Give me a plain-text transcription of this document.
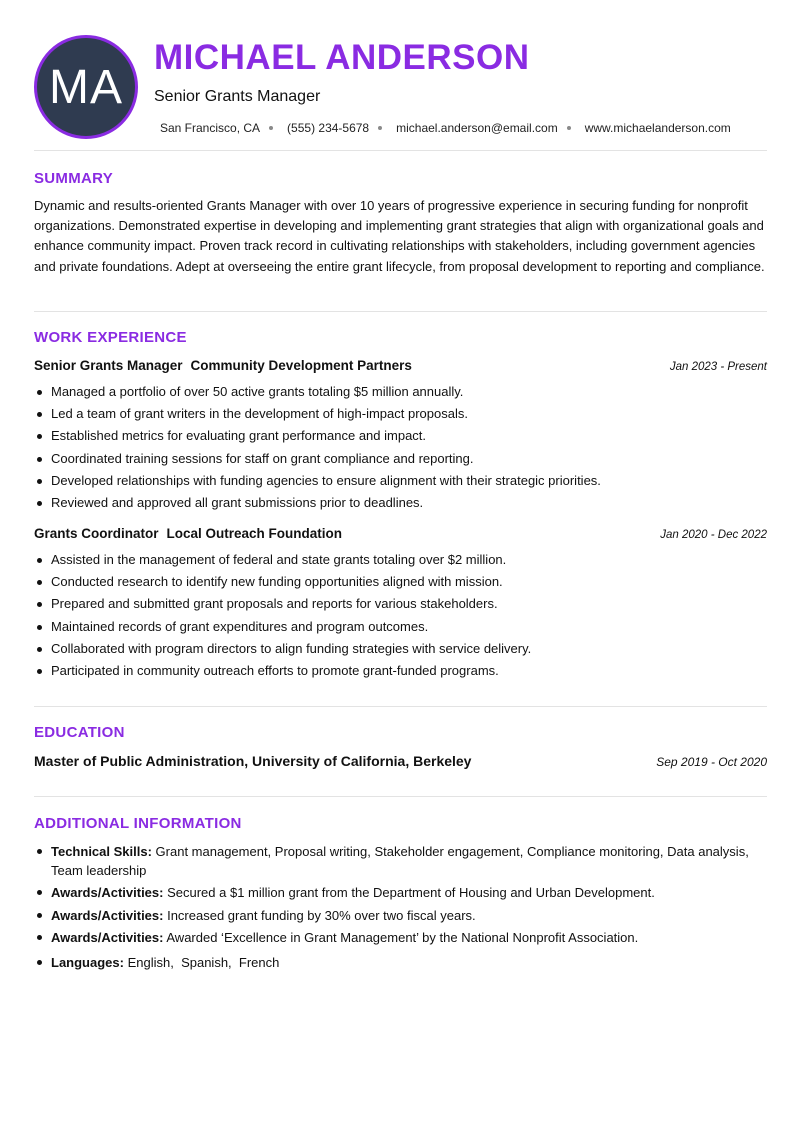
MA
MICHAEL ANDERSON
Senior Grants Manager
San Francisco, CA (555) 234-5678 michael.anderson@email.com www.michaelanderson.com
SUMMARY
Dynamic and results-oriented Grants Manager with over 10 years of progressive experience in securing funding for nonprofit organizations. Demonstrated expertise in developing and implementing grant strategies that align with organizational goals and enhance community impact. Proven track record in cultivating relationships with stakeholders, including government agencies and private foundations. Adept at overseeing the entire grant lifecycle, from proposal development to reporting and compliance.
WORK EXPERIENCE
Senior Grants Manager Community Development Partners	Jan 2023 - Present
Managed a portfolio of over 50 active grants totaling $5 million annually.
Led a team of grant writers in the development of high-impact proposals.
Established metrics for evaluating grant performance and impact.
Coordinated training sessions for staff on grant compliance and reporting.
Developed relationships with funding agencies to ensure alignment with their strategic priorities.
Reviewed and approved all grant submissions prior to deadlines.
Grants Coordinator Local Outreach Foundation	Jan 2020 - Dec 2022
Assisted in the management of federal and state grants totaling over $2 million.
Conducted research to identify new funding opportunities aligned with mission.
Prepared and submitted grant proposals and reports for various stakeholders.
Maintained records of grant expenditures and program outcomes.
Collaborated with program directors to align funding strategies with service delivery.
Participated in community outreach efforts to promote grant-funded programs.
EDUCATION
Master of Public Administration, University of California, Berkeley	Sep 2019 - Oct 2020
ADDITIONAL INFORMATION
Technical Skills: Grant management, Proposal writing, Stakeholder engagement, Compliance monitoring, Data analysis, Team leadership
Awards/Activities: Secured a $1 million grant from the Department of Housing and Urban Development.
Awards/Activities: Increased grant funding by 30% over two fiscal years.
Awards/Activities: Awarded ‘Excellence in Grant Management’ by the National Nonprofit Association.
Languages: English,  Spanish,  French
